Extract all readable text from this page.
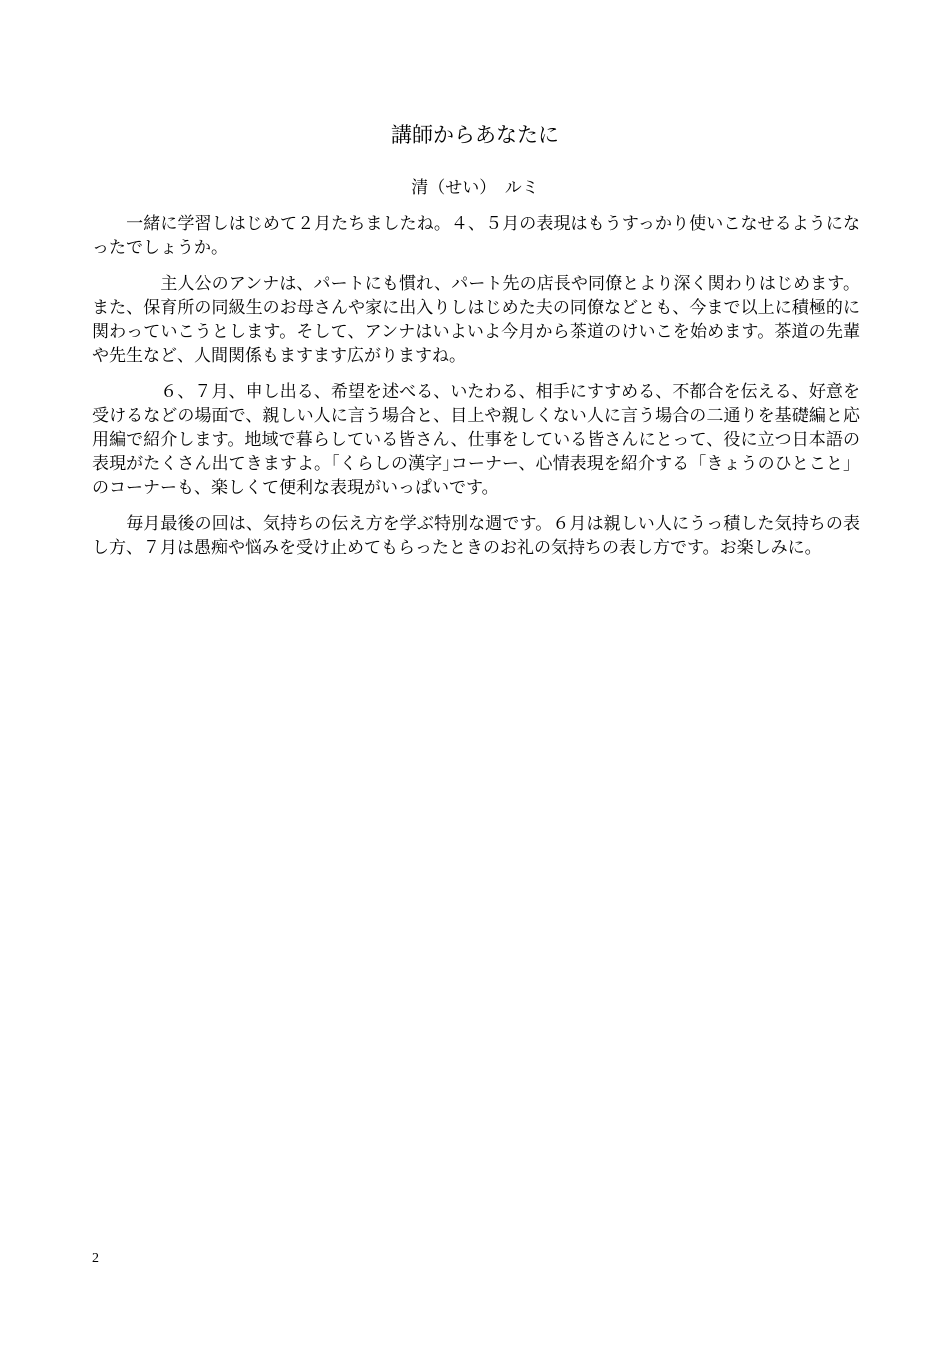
講師からあなたに

清（せい）　ルミ

　　一緒に学習しはじめて２月たちましたね。４、５月の表現はもうすっかり使いこなせるようになったでしょうか。

　　　　主人公のアンナは、パートにも慣れ、パート先の店長や同僚とより深く関わりはじめます。また、保育所の同級生のお母さんや家に出入りしはじめた夫の同僚などとも、今まで以上に積極的に関わっていこうとします。そして、アンナはいよいよ今月から茶道のけいこを始めます。茶道の先輩や先生など、人間関係もますます広がりますね。

　　　　６、７月、申し出る、希望を述べる、いたわる、相手にすすめる、不都合を伝える、好意を受けるなどの場面で、親しい人に言う場合と、目上や親しくない人に言う場合の二通りを基礎編と応用編で紹介します。地域で暮らしている皆さん、仕事をしている皆さんにとって、役に立つ日本語の表現がたくさん出てきますよ。｢くらしの漢字｣コーナー、心情表現を紹介する「きょうのひとこと」のコーナーも、楽しくて便利な表現がいっぱいです。

　　毎月最後の回は、気持ちの伝え方を学ぶ特別な週です。６月は親しい人にうっ積した気持ちの表し方、７月は愚痴や悩みを受け止めてもらったときのお礼の気持ちの表し方です。お楽しみに。

2
